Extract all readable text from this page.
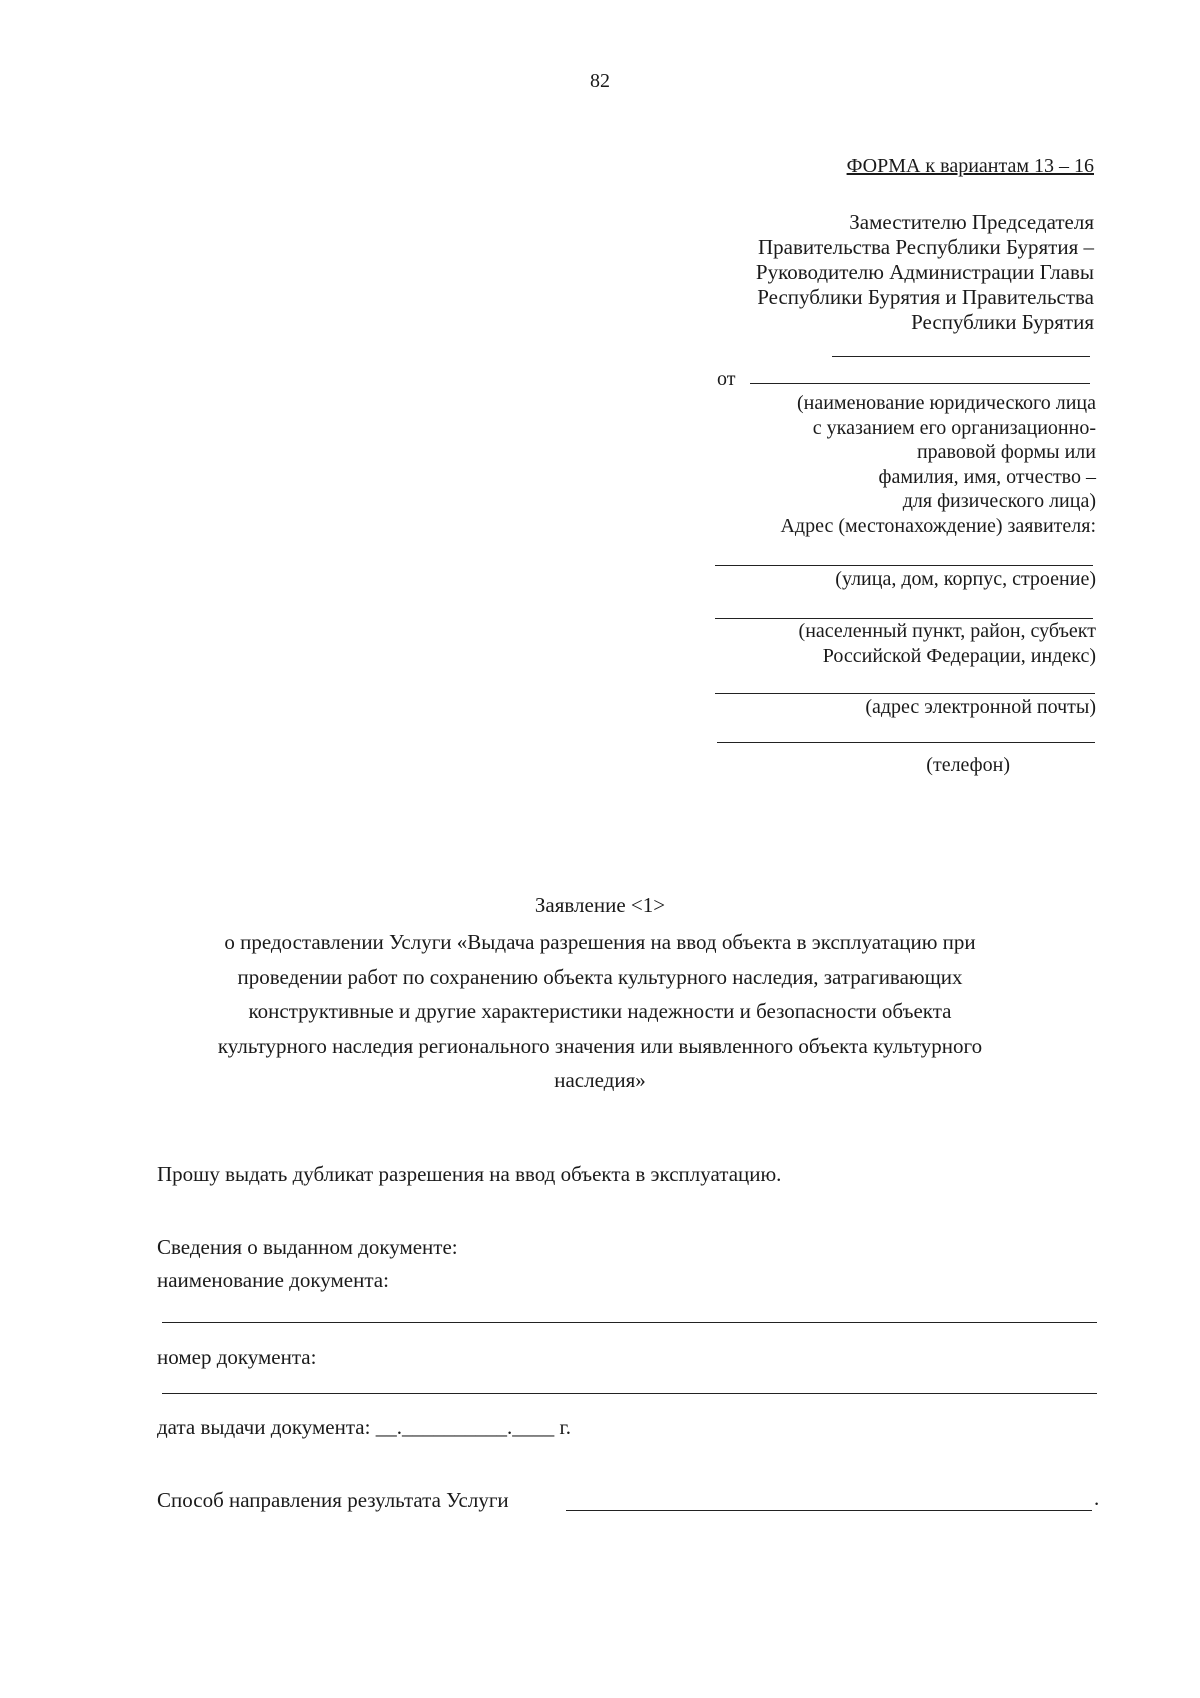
82
ФОРМА к вариантам 13 – 16
Заместителю Председателя
Правительства Республики Бурятия –
Руководителю Администрации Главы
Республики Бурятия и Правительства
Республики Бурятия
от
(наименование юридического лица
с указанием его организационно-
правовой формы или
фамилия, имя, отчество –
для физического лица)
Адрес (местонахождение) заявителя:
(улица, дом, корпус, строение)
(населенный пункт, район, субъект
Российской Федерации, индекс)
(адрес электронной почты)
(телефон)
Заявление <1>
о предоставлении Услуги «Выдача разрешения на ввод объекта в эксплуатацию при
проведении работ по сохранению объекта культурного наследия, затрагивающих
конструктивные и другие характеристики надежности и безопасности объекта
культурного наследия регионального значения или выявленного объекта культурного
наследия»
Прошу выдать дубликат разрешения на ввод объекта в эксплуатацию.
Сведения о выданном документе:
наименование документа:
номер документа:
дата выдачи документа: __.__________.____ г.
Способ направления результата Услуги	.
